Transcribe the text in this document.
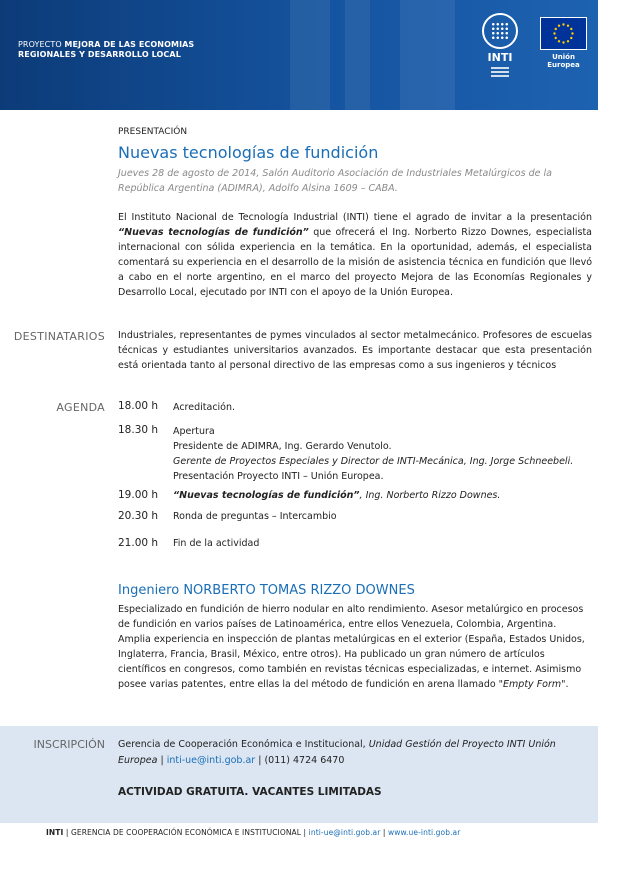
PROYECTO MEJORA DE LAS ECONOMIAS
REGIONALES Y DESARROLLO LOCAL	INTI	Unión Europea
PRESENTACIÓN
Nuevas tecnologías de fundición
Jueves 28 de agosto de 2014, Salón Auditorio Asociación de Industriales Metalúrgicos de la República Argentina (ADIMRA), Adolfo Alsina 1609 – CABA.
El Instituto Nacional de Tecnología Industrial (INTI) tiene el agrado de invitar a la presentación “Nuevas tecnologías de fundición” que ofrecerá el Ing. Norberto Rizzo Downes, especialista internacional con sólida experiencia en la temática. En la oportunidad, además, el especialista comentará su experiencia en el desarrollo de la misión de asistencia técnica en fundición que llevó a cabo en el norte argentino, en el marco del proyecto Mejora de las Economías Regionales y Desarrollo Local, ejecutado por INTI con el apoyo de la Unión Europea.
DESTINATARIOS Industriales, representantes de pymes vinculados al sector metalmecánico. Profesores de escuelas técnicas y estudiantes universitarios avanzados. Es importante destacar que esta presentación está orientada tanto al personal directivo de las empresas como a sus ingenieros y técnicos
AGENDA 18.00 h Acreditación.
18.30 h Apertura
Presidente de ADIMRA, Ing. Gerardo Venutolo.
Gerente de Proyectos Especiales y Director de INTI-Mecánica, Ing. Jorge Schneebeli.
Presentación Proyecto INTI – Unión Europea.
19.00 h “Nuevas tecnologías de fundición”, Ing. Norberto Rizzo Downes.
20.30 h Ronda de preguntas – Intercambio
21.00 h Fin de la actividad
Ingeniero NORBERTO TOMAS RIZZO DOWNES
Especializado en fundición de hierro nodular en alto rendimiento. Asesor metalúrgico en procesos de fundición en varios países de Latinoamérica, entre ellos Venezuela, Colombia, Argentina. Amplia experiencia en inspección de plantas metalúrgicas en el exterior (España, Estados Unidos, Inglaterra, Francia, Brasil, México, entre otros). Ha publicado un gran número de artículos científicos en congresos, como también en revistas técnicas especializadas, e internet. Asimismo posee varias patentes, entre ellas la del método de fundición en arena llamado "Empty Form".
INSCRIPCIÓN Gerencia de Cooperación Económica e Institucional, Unidad Gestión del Proyecto INTI Unión Europea | inti-ue@inti.gob.ar | (011) 4724 6470
ACTIVIDAD GRATUITA. VACANTES LIMITADAS
INTI | GERENCIA DE COOPERACIÓN ECONÓMICA E INSTITUCIONAL | inti-ue@inti.gob.ar | www.ue-inti.gob.ar
